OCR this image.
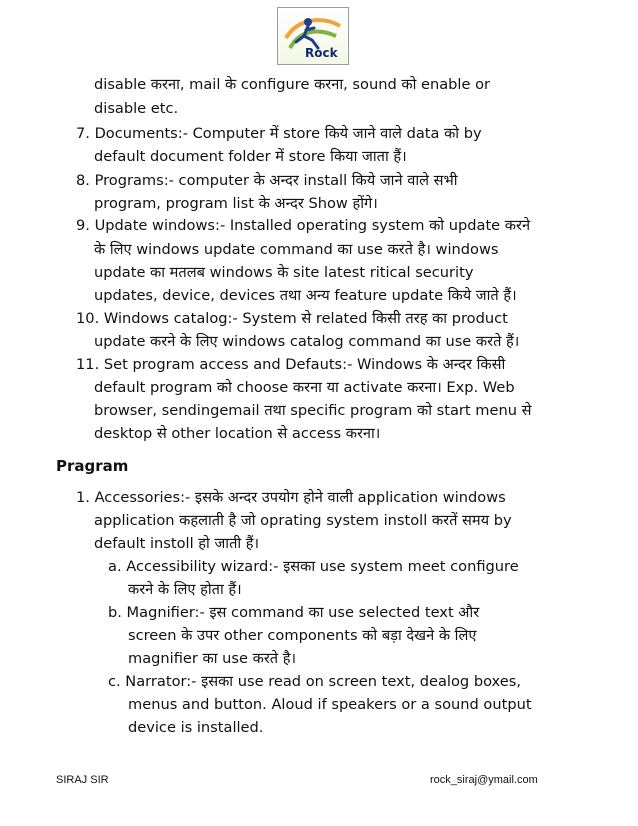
Rock
disable करना, mail के configure करना, sound को enable or
disable etc.
7. Documents:- Computer में store किये जाने वाले data को by
default document folder में store किया जाता हैं।
8. Programs:- computer के अन्दर install किये जाने वाले सभी
program, program list के अन्दर Show होंगे।
9. Update windows:- Installed operating system को update करने
के लिए windows update command का use करते है। windows
update का मतलब windows के site latest ritical security
updates, device, devices तथा अन्य feature update किये जाते हैं।
10. Windows catalog:- System से related किसी तरह का product
update करने के लिए windows catalog command का use करते हैं।
11. Set program access and Defauts:- Windows के अन्दर किसी
default program को choose करना या activate करना। Exp. Web
browser, sendingemail तथा specific program को start menu से
desktop से other location से access करना।
Pragram
1. Accessories:- इसके अन्दर उपयोग होने वाली application windows
application कहलाती है जो oprating system instoll करतें समय by
default instoll हो जाती हैं।
a. Accessibility wizard:- इसका use system meet configure
करने के लिए होता हैं।
b. Magnifier:- इस command का use selected text और
screen के उपर other components को बड़ा देखने के लिए
magnifier का use करते है।
c. Narrator:- इसका use read on screen text, dealog boxes,
menus and button. Aloud if speakers or a sound output
device is installed.
SIRAJ SIR	rock_siraj@ymail.com
